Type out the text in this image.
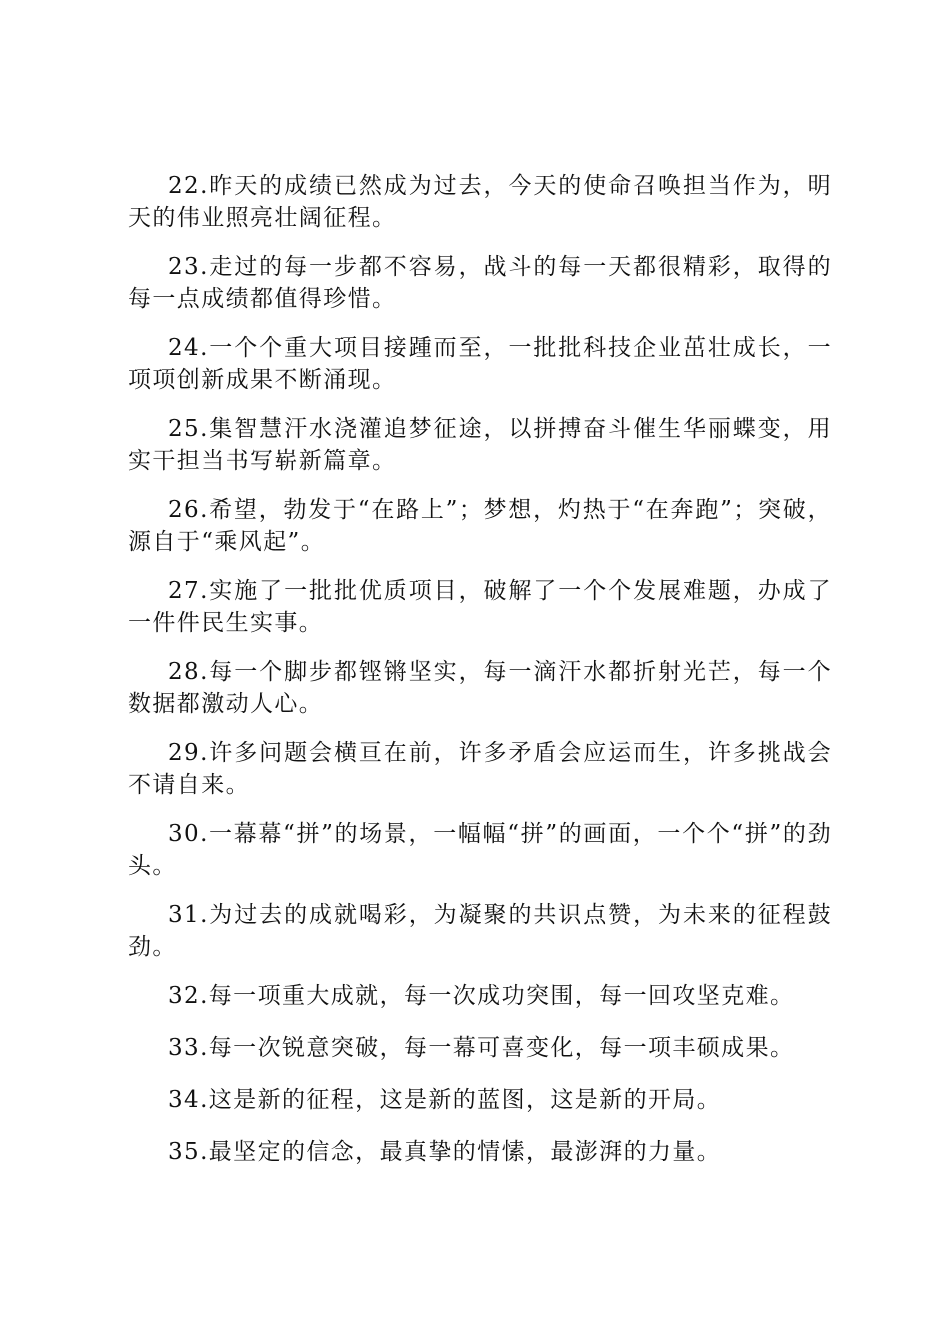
22.昨天的成绩已然成为过去，今天的使命召唤担当作为，明天的伟业照亮壮阔征程。

23.走过的每一步都不容易，战斗的每一天都很精彩，取得的每一点成绩都值得珍惜。

24.一个个重大项目接踵而至，一批批科技企业茁壮成长，一项项创新成果不断涌现。

25.集智慧汗水浇灌追梦征途，以拼搏奋斗催生华丽蝶变，用实干担当书写崭新篇章。

26.希望，勃发于“在路上”；梦想，灼热于“在奔跑”；突破，源自于“乘风起”。

27.实施了一批批优质项目，破解了一个个发展难题，办成了一件件民生实事。

28.每一个脚步都铿锵坚实，每一滴汗水都折射光芒，每一个数据都激动人心。

29.许多问题会横亘在前，许多矛盾会应运而生，许多挑战会不请自来。

30.一幕幕“拼”的场景，一幅幅“拼”的画面，一个个“拼”的劲头。

31.为过去的成就喝彩，为凝聚的共识点赞，为未来的征程鼓劲。

32.每一项重大成就，每一次成功突围，每一回攻坚克难。

33.每一次锐意突破，每一幕可喜变化，每一项丰硕成果。

34.这是新的征程，这是新的蓝图，这是新的开局。

35.最坚定的信念，最真挚的情愫，最澎湃的力量。
